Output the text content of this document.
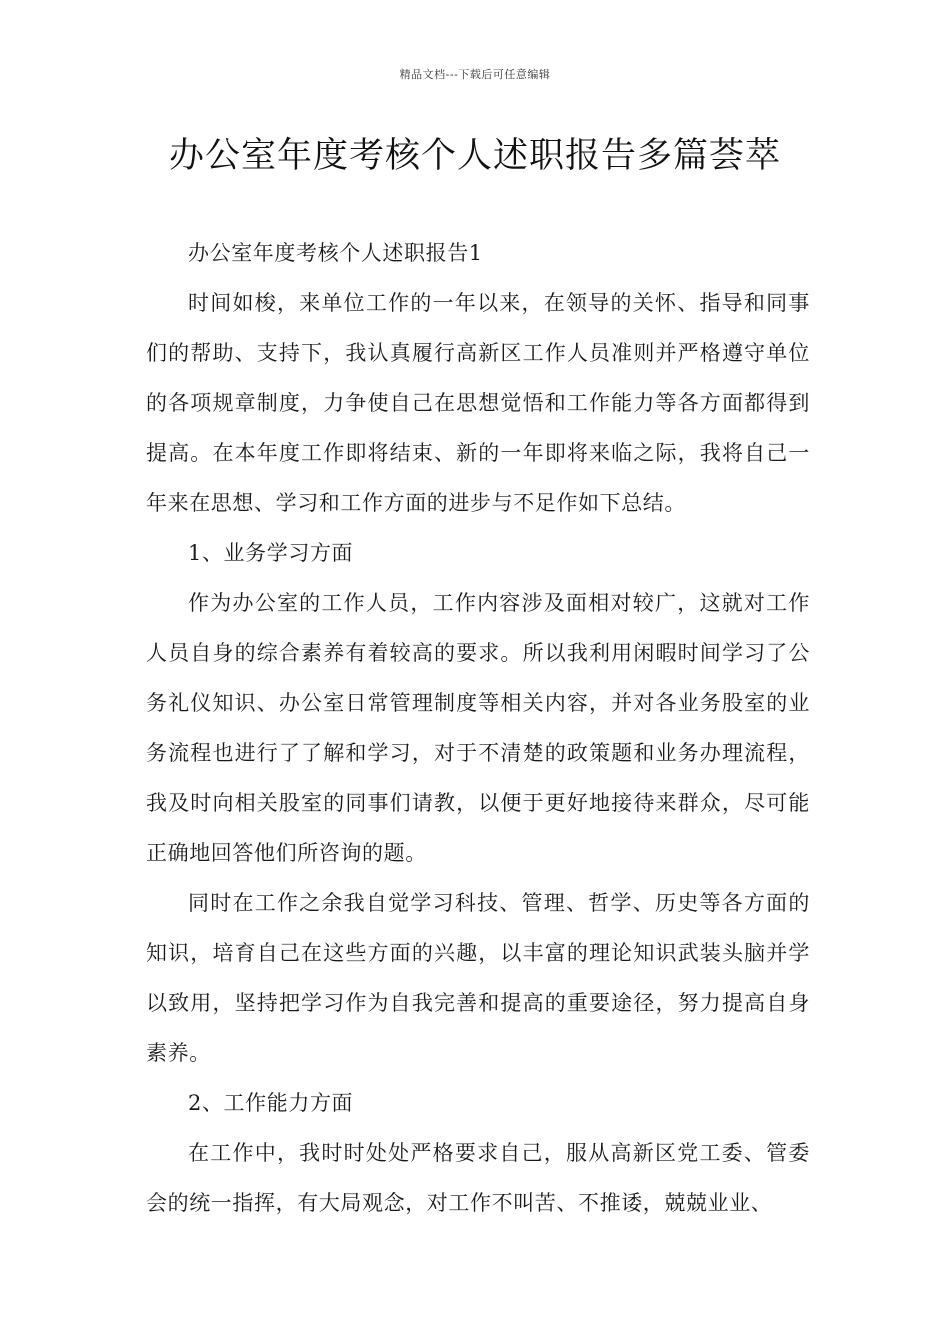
精品文档---下载后可任意编辑
办公室年度考核个人述职报告多篇荟萃

办公室年度考核个人述职报告1

时间如梭，来单位工作的一年以来，在领导的关怀、指导和同事们的帮助、支持下，我认真履行高新区工作人员准则并严格遵守单位的各项规章制度，力争使自己在思想觉悟和工作能力等各方面都得到提高。在本年度工作即将结束、新的一年即将来临之际，我将自己一年来在思想、学习和工作方面的进步与不足作如下总结。

1、业务学习方面

作为办公室的工作人员，工作内容涉及面相对较广，这就对工作人员自身的综合素养有着较高的要求。所以我利用闲暇时间学习了公务礼仪知识、办公室日常管理制度等相关内容，并对各业务股室的业务流程也进行了了解和学习，对于不清楚的政策题和业务办理流程，我及时向相关股室的同事们请教，以便于更好地接待来群众，尽可能正确地回答他们所咨询的题。

同时在工作之余我自觉学习科技、管理、哲学、历史等各方面的知识，培育自己在这些方面的兴趣，以丰富的理论知识武装头脑并学以致用，坚持把学习作为自我完善和提高的重要途径，努力提高自身素养。

2、工作能力方面

在工作中，我时时处处严格要求自己，服从高新区党工委、管委会的统一指挥，有大局观念，对工作不叫苦、不推诿，兢兢业业、
